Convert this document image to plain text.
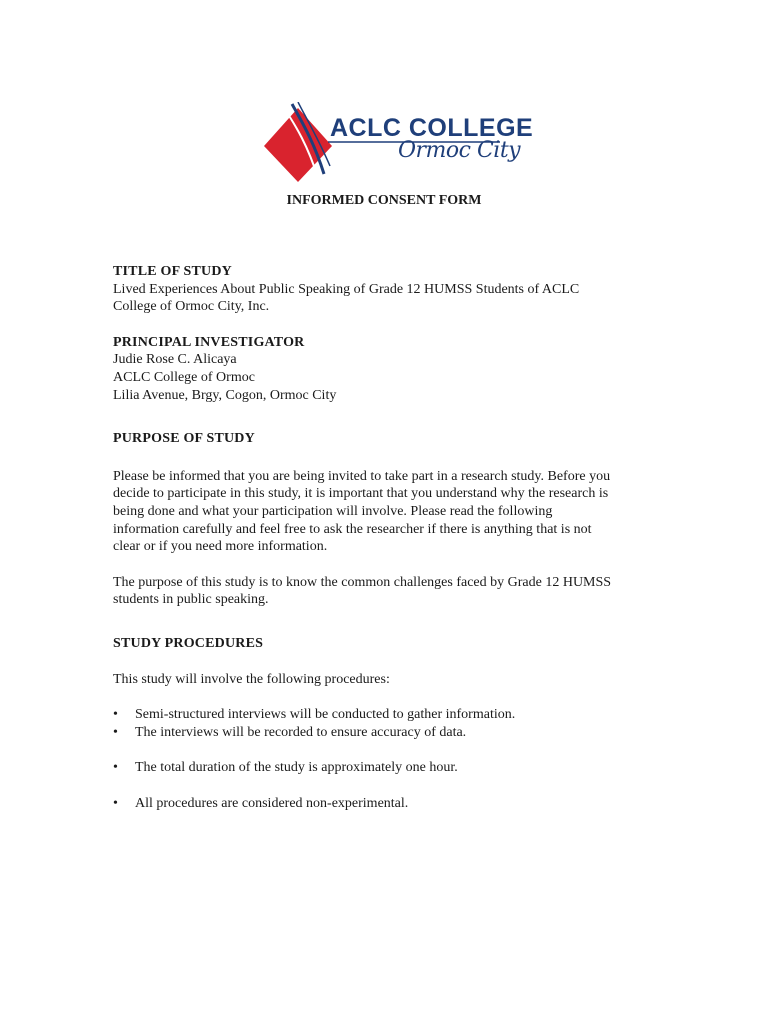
ACLC COLLEGE
Ormoc City
INFORMED CONSENT FORM
TITLE OF STUDY
Lived Experiences About Public Speaking of Grade 12 HUMSS Students of ACLC
College of Ormoc City, Inc.
PRINCIPAL INVESTIGATOR
Judie Rose C. Alicaya
ACLC College of Ormoc
Lilia Avenue, Brgy, Cogon, Ormoc City
PURPOSE OF STUDY
Please be informed that you are being invited to take part in a research study. Before you
decide to participate in this study, it is important that you understand why the research is
being done and what your participation will involve. Please read the following
information carefully and feel free to ask the researcher if there is anything that is not
clear or if you need more information.
The purpose of this study is to know the common challenges faced by Grade 12 HUMSS
students in public speaking.
STUDY PROCEDURES
This study will involve the following procedures:
• Semi-structured interviews will be conducted to gather information.
• The interviews will be recorded to ensure accuracy of data.
• The total duration of the study is approximately one hour.
• All procedures are considered non-experimental.
